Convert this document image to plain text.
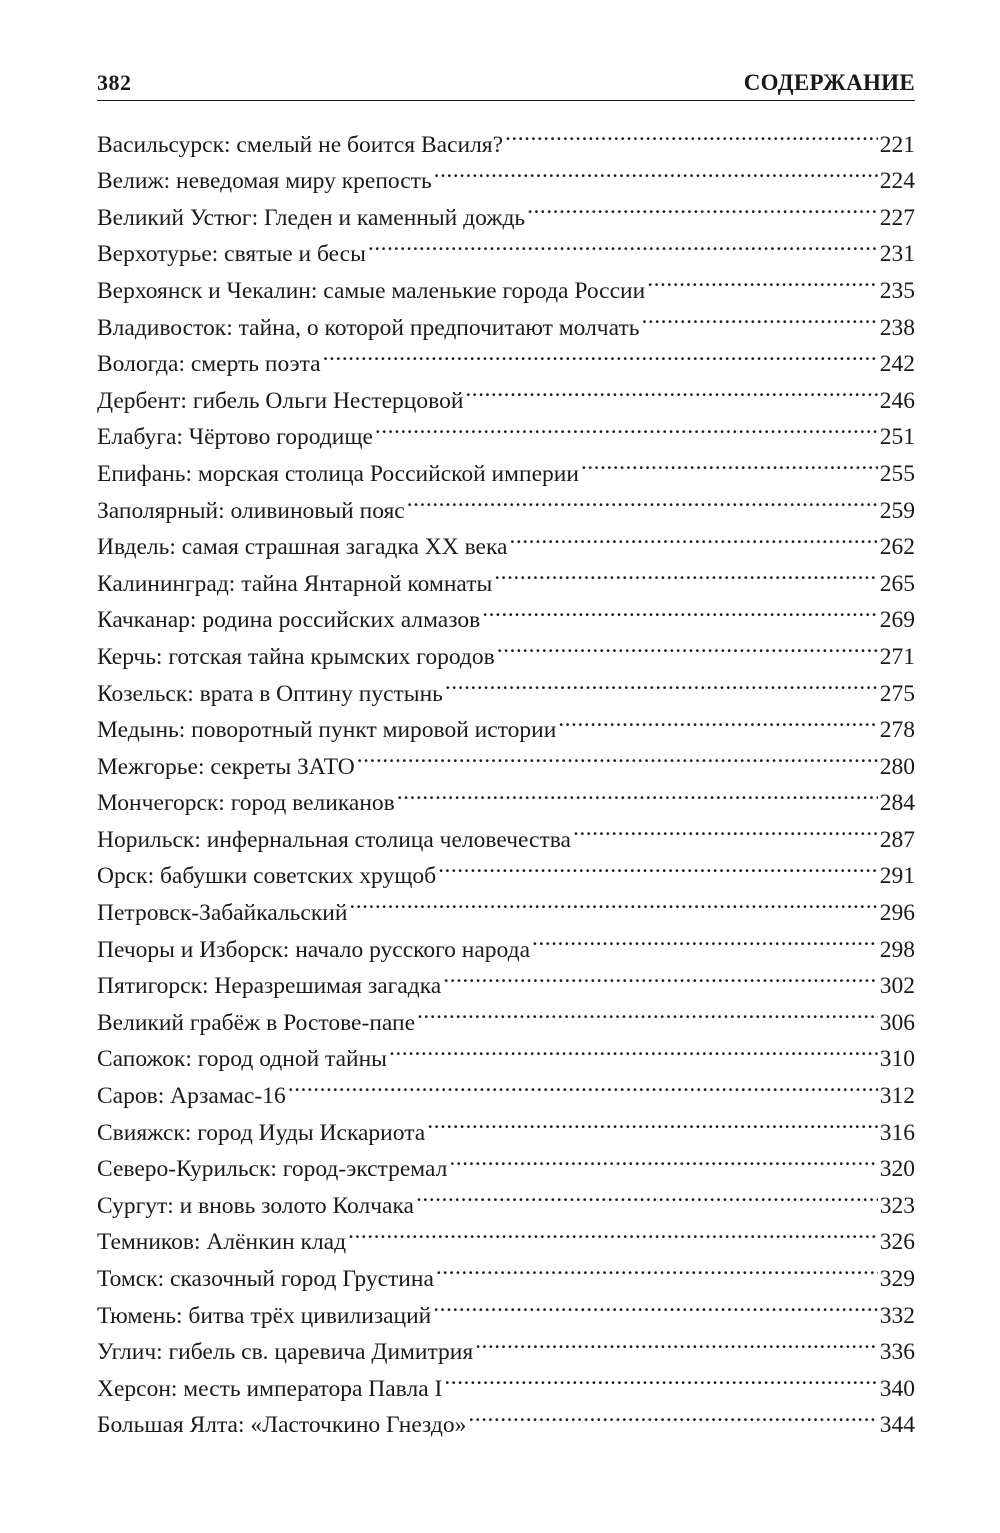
382	СОДЕРЖАНИЕ
Васильсурск: смелый не боится Василя? .....	221
Велиж: неведомая миру крепость .....	224
Великий Устюг: Гледен и каменный дождь .....	227
Верхотурье: святые и бесы .....	231
Верхоянск и Чекалин: самые маленькие города России .....	235
Владивосток: тайна, о которой предпочитают молчать .....	238
Вологда: смерть поэта .....	242
Дербент: гибель Ольги Нестерцовой .....	246
Елабуга: Чёртово городище .....	251
Епифань: морская столица Российской империи .....	255
Заполярный: оливиновый пояс .....	259
Ивдель: самая страшная загадка XX века .....	262
Калининград: тайна Янтарной комнаты .....	265
Качканар: родина российских алмазов .....	269
Керчь: готская тайна крымских городов .....	271
Козельск: врата в Оптину пустынь .....	275
Медынь: поворотный пункт мировой истории .....	278
Межгорье: секреты ЗАТО .....	280
Мончегорск: город великанов .....	284
Норильск: инфернальная столица человечества .....	287
Орск: бабушки советских хрущоб .....	291
Петровск-Забайкальский .....	296
Печоры и Изборск: начало русского народа .....	298
Пятигорск: Неразрешимая загадка .....	302
Великий грабёж в Ростове-папе .....	306
Сапожок: город одной тайны .....	310
Саров: Арзамас-16 .....	312
Свияжск: город Иуды Искариота .....	316
Северо-Курильск: город-экстремал .....	320
Сургут: и вновь золото Колчака .....	323
Темников: Алёнкин клад .....	326
Томск: сказочный город Грустина .....	329
Тюмень: битва трёх цивилизаций .....	332
Углич: гибель св. царевича Димитрия .....	336
Херсон: месть императора Павла I .....	340
Большая Ялта: «Ласточкино Гнездо» .....	344
